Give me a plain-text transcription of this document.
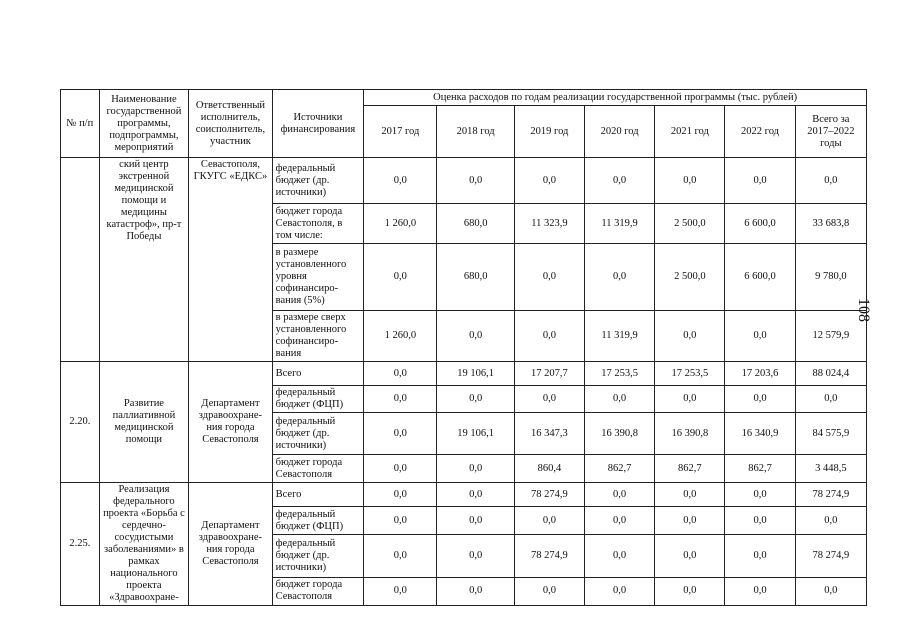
№ п/п	Наименование государственной программы, подпрограммы, мероприятий	Ответственный исполнитель, соисполнитель, участник	Источники финансирования	Оценка расходов по годам реализации государственной программы (тыс. рублей)						
				2017 год	2018 год	2019 год	2020 год	2021 год	2022 год	Всего за 2017–2022 годы
	ский центр экстренной медицинской помощи и медицины катастроф», пр-т Победы	Севастополя, ГКУГС «ЕДКС»	федеральный бюджет (др. источники)	0,0	0,0	0,0	0,0	0,0	0,0	0,0
			бюджет города Севастополя, в том числе:	1 260,0	680,0	11 323,9	11 319,9	2 500,0	6 600,0	33 683,8
			в размере установленного уровня софинансиро-вания (5%)	0,0	680,0	0,0	0,0	2 500,0	6 600,0	9 780,0
			в размере сверх установленного софинансиро-вания	1 260,0	0,0	0,0	11 319,9	0,0	0,0	12 579,9
2.20.	Развитие паллиативной медицинской помощи	Департамент здравоохране-ния города Севастополя	Всего	0,0	19 106,1	17 207,7	17 253,5	17 253,5	17 203,6	88 024,4
			федеральный бюджет (ФЦП)	0,0	0,0	0,0	0,0	0,0	0,0	0,0
			федеральный бюджет (др. источники)	0,0	19 106,1	16 347,3	16 390,8	16 390,8	16 340,9	84 575,9
			бюджет города Севастополя	0,0	0,0	860,4	862,7	862,7	862,7	3 448,5
2.25.	Реализация федерального проекта «Борьба с сердечно-сосудистыми заболеваниями» в рамках национального проекта «Здравоохране-	Департамент здравоохране-ния города Севастополя	Всего	0,0	0,0	78 274,9	0,0	0,0	0,0	78 274,9
			федеральный бюджет (ФЦП)	0,0	0,0	0,0	0,0	0,0	0,0	0,0
			федеральный бюджет (др. источники)	0,0	0,0	78 274,9	0,0	0,0	0,0	78 274,9
			бюджет города Севастополя	0,0	0,0	0,0	0,0	0,0	0,0	0,0
108
